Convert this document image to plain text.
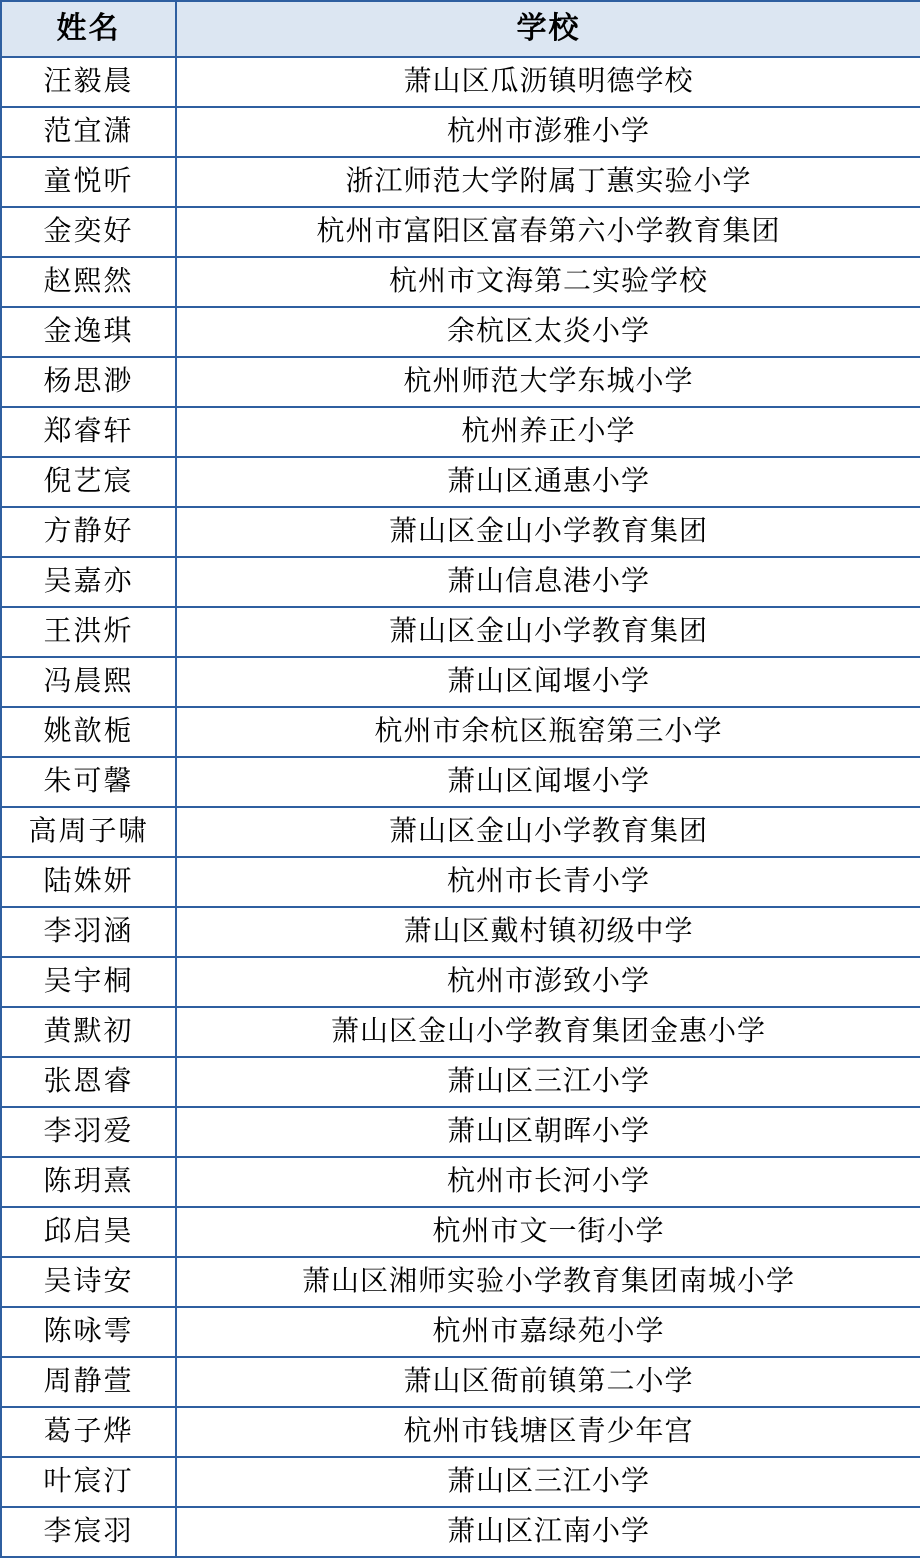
姓名	学校
汪毅晨	萧山区瓜沥镇明德学校
范宜潇	杭州市澎雅小学
童悦听	浙江师范大学附属丁蕙实验小学
金奕好	杭州市富阳区富春第六小学教育集团
赵熙然	杭州市文海第二实验学校
金逸琪	余杭区太炎小学
杨思渺	杭州师范大学东城小学
郑睿轩	杭州养正小学
倪艺宸	萧山区通惠小学
方静好	萧山区金山小学教育集团
吴嘉亦	萧山信息港小学
王洪炘	萧山区金山小学教育集团
冯晨熙	萧山区闻堰小学
姚歆栀	杭州市余杭区瓶窑第三小学
朱可馨	萧山区闻堰小学
高周子啸	萧山区金山小学教育集团
陆姝妍	杭州市长青小学
李羽涵	萧山区戴村镇初级中学
吴宇桐	杭州市澎致小学
黄默初	萧山区金山小学教育集团金惠小学
张恩睿	萧山区三江小学
李羽爱	萧山区朝晖小学
陈玥熹	杭州市长河小学
邱启昊	杭州市文一街小学
吴诗安	萧山区湘师实验小学教育集团南城小学
陈咏雩	杭州市嘉绿苑小学
周静萱	萧山区衙前镇第二小学
葛子烨	杭州市钱塘区青少年宫
叶宸汀	萧山区三江小学
李宸羽	萧山区江南小学
